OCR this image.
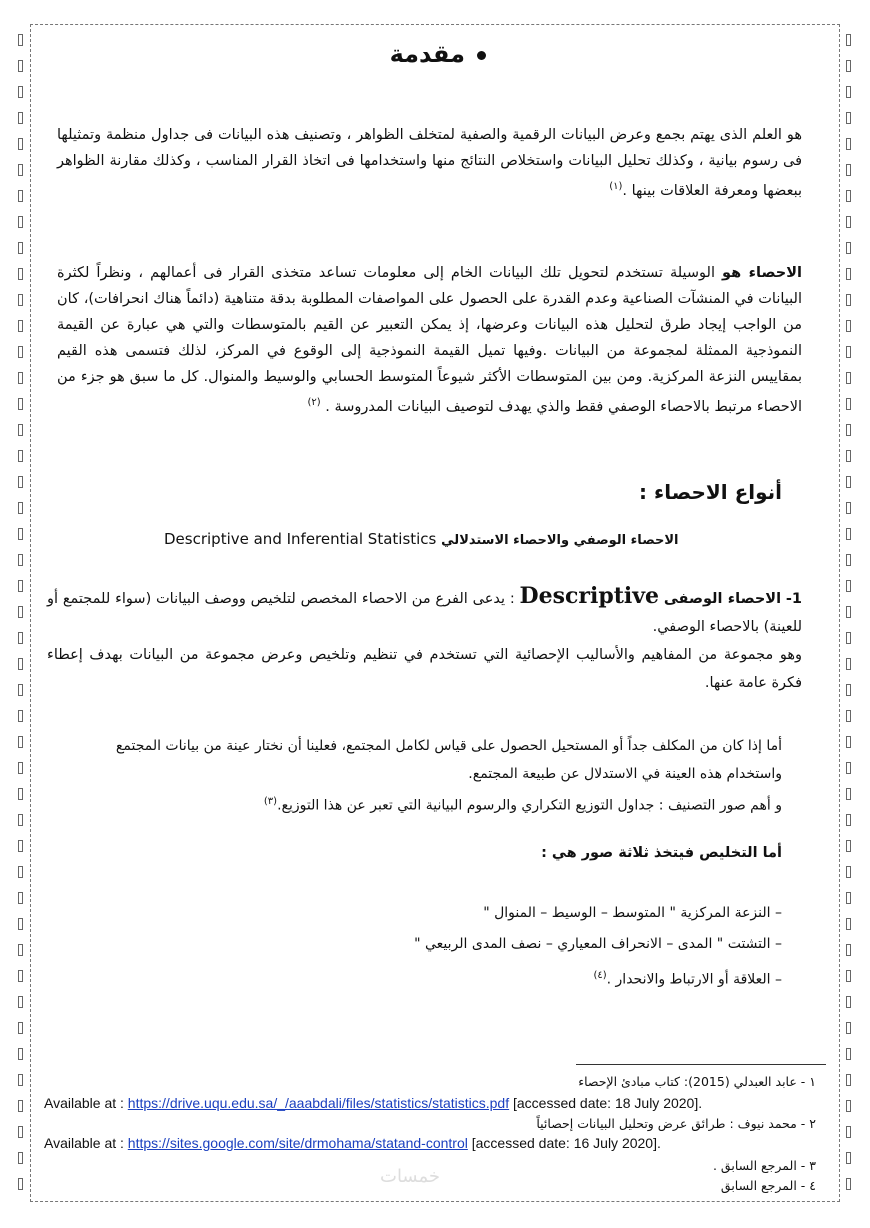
مقدمة
هو العلم الذى يهتم بجمع وعرض البيانات الرقمية والصفية لمتخلف الظواهر ، وتصنيف هذه البيانات فى جداول منظمة وتمثيلها فى رسوم بيانية ، وكذلك تحليل البيانات واستخلاص النتائج منها واستخدامها فى اتخاذ القرار المناسب ، وكذلك مقارنة الظواهر ببعضها ومعرفة العلاقات بينها .$^{(١)}$
الاحصاء هو الوسيلة تستخدم لتحويل تلك البيانات الخام إلى معلومات تساعد متخذى القرار فى أعمالهم ، ونظراً لكثرة البيانات في المنشآت الصناعية وعدم القدرة على الحصول على المواصفات المطلوبة بدقة متناهية (دائماً هناك انحرافات)، كان من الواجب إيجاد طرق لتحليل هذه البيانات وعرضها، إذ يمكن التعبير عن القيم بالمتوسطات والتي هي عبارة عن القيمة النموذجية الممثلة لمجموعة من البيانات .وفيها تميل القيمة النموذجية إلى الوقوع في المركز، لذلك فتسمى هذه القيم بمقاييس النزعة المركزية. ومن بين المتوسطات الأكثر شيوعاً المتوسط الحسابي والوسيط والمنوال. كل ما سبق هو جزء من الاحصاء مرتبط بالاحصاء الوصفي فقط والذي يهدف لتوصيف البيانات المدروسة . $^{(٢)}$
أنواع الاحصاء :
Descriptive and Inferential Statistics الاحصاء الوصفي والاحصاء الاستدلالي
1- الاحصاء الوصفى Descriptive : يدعى الفرع من الاحصاء المخصص لتلخيص ووصف البيانات (سواء للمجتمع أو للعينة) بالاحصاء الوصفي.
وهو مجموعة من المفاهيم والأساليب الإحصائية التي تستخدم في تنظيم وتلخيص وعرض مجموعة من البيانات بهدف إعطاء فكرة عامة عنها.
أما إذا كان من المكلف جداً أو المستحيل الحصول على قياس لكامل المجتمع، فعلينا أن نختار عينة من بيانات المجتمع واستخدام هذه العينة في الاستدلال عن طبيعة المجتمع.
و أهم صور التصنيف : جداول التوزيع التكراري والرسوم البيانية التي تعبر عن هذا التوزيع.$^{(٣)}$
أما التخليص فيتخذ ثلاثة صور هي :
– النزعة المركزية " المتوسط – الوسيط – المنوال "
– التشتت " المدى – الانحراف المعياري – نصف المدى الربيعي "
– العلاقة أو الارتباط والانحدار .$^{(٤)}$
١ - عابد العبدلي (2015): كتاب مبادئ الإحصاء
Available at : https://drive.uqu.edu.sa/_/aaabdali/files/statistics/statistics.pdf [accessed date: 18 July 2020].
٢ - محمد نيوف : طرائق عرض وتحليل البيانات إحصائياً
Available at : https://sites.google.com/site/drmohama/statand-control [accessed date: 16 July 2020].
٣ - المرجع السابق .
٤ - المرجع السابق
خمسات
